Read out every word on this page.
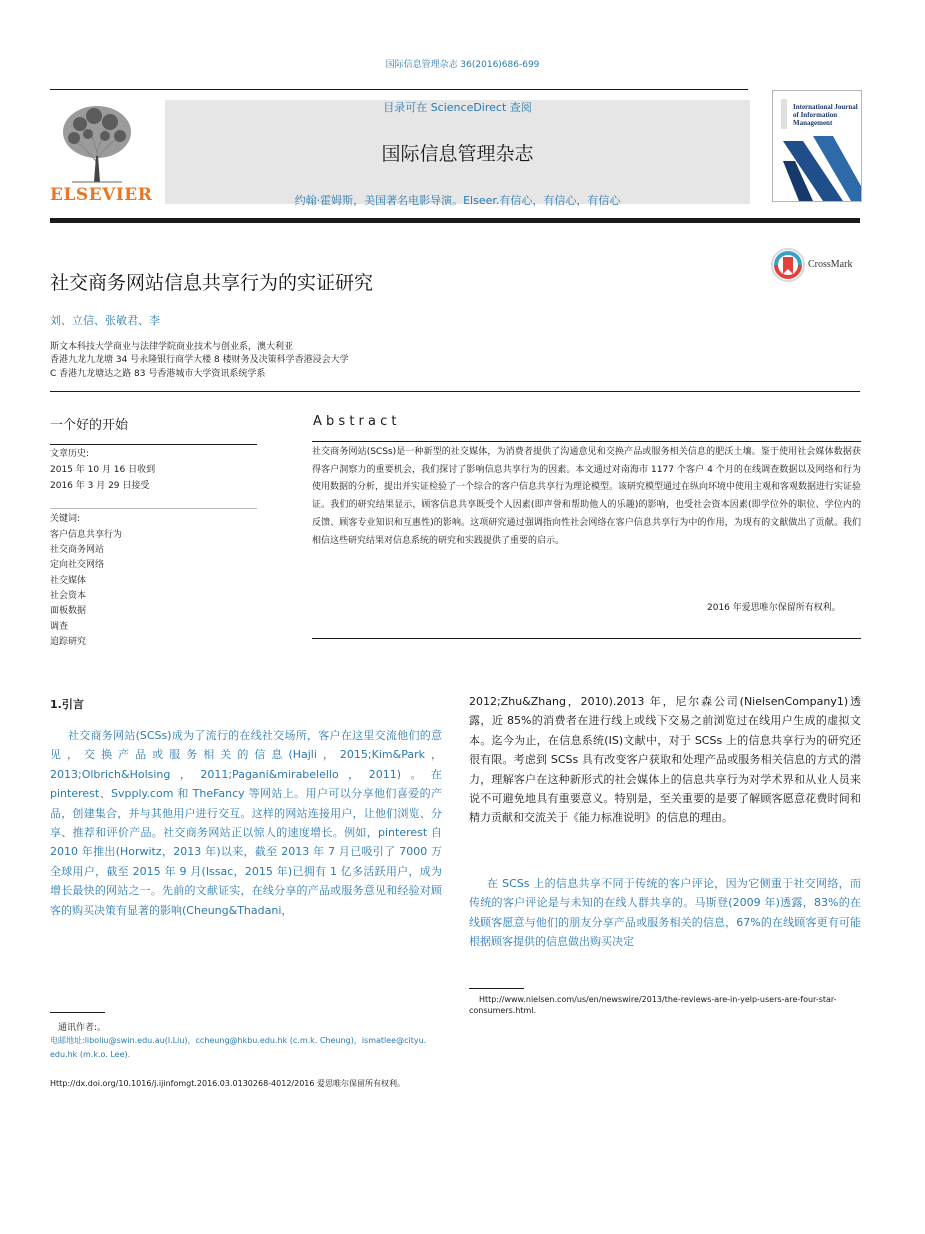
国际信息管理杂志 36(2016)686-699
目录可在 ScienceDirect 查阅
国际信息管理杂志
约翰·霍姆斯，美国著名电影导演。Elseer.有信心，有信心，有信心
ELSEVIER
International Journal of Information Management
CrossMark
社交商务网站信息共享行为的实证研究
刘、立信、张敏君、李
斯文本科技大学商业与法律学院商业技术与创业系，澳大利亚
香港九龙九龙塘 34 号永隆银行商学大楼 8 楼财务及决策科学香港浸会大学
C 香港九龙塘达之路 83 号香港城市大学资讯系统学系
一个好的开始
文章历史:
2015 年 10 月 16 日收到
2016 年 3 月 29 日接受
关键词:
客户信息共享行为
社交商务网站
定向社交网络
社交媒体
社会资本
面板数据
调查
追踪研究
A b s t r a c t
社交商务网站(SCSs)是一种新型的社交媒体，为消费者提供了沟通意见和交换产品或服务相关信息的肥沃土壤。鉴于使用社会媒体数据获得客户洞察力的重要机会，我们探讨了影响信息共享行为的因素。本文通过对南海市 1177 个客户 4 个月的在线调查数据以及网络和行为使用数据的分析，提出并实证检验了一个综合的客户信息共享行为理论模型。该研究模型通过在纵向环境中使用主观和客观数据进行实证验证。我们的研究结果显示，顾客信息共享既受个人因素(即声誉和帮助他人的乐趣)的影响，也受社会资本因素(即学位外的职位、学位内的反馈、顾客专业知识和互惠性)的影响。这项研究通过强调指向性社会网络在客户信息共享行为中的作用，为现有的文献做出了贡献。我们相信这些研究结果对信息系统的研究和实践提供了重要的启示。
2016 年爱思唯尔保留所有权利。
1.引言
社交商务网站(SCSs)成为了流行的在线社交场所，客户在这里交流他们的意见，交换产品或服务相关的信息(Hajli，2015;Kim&Park，2013;Olbrich&Holsing，2011;Pagani&mirabelello，2011)。在 pinterest、Svpply.com 和 TheFancy 等网站上。用户可以分享他们喜爱的产品，创建集合，并与其他用户进行交互。这样的网站连接用户，让他们浏览、分享、推荐和评价产品。社交商务网站正以惊人的速度增长。例如，pinterest 自 2010 年推出(Horwitz，2013 年)以来，截至 2013 年 7 月已吸引了 7000 万全球用户，截至 2015 年 9 月(Issac，2015 年)已拥有 1 亿多活跃用户，成为增长最快的网站之一。先前的文献证实，在线分享的产品或服务意见和经验对顾客的购买决策有显著的影响(Cheung&Thadani，
2012;Zhu&Zhang，2010).2013 年，尼尔森公司(NielsenCompany1)透露，近 85%的消费者在进行线上或线下交易之前浏览过在线用户生成的虚拟文本。迄今为止，在信息系统(IS)文献中，对于 SCSs 上的信息共享行为的研究还很有限。考虑到 SCSs 具有改变客户获取和处理产品或服务相关信息的方式的潜力，理解客户在这种新形式的社会媒体上的信息共享行为对学术界和从业人员来说不可避免地具有重要意义。特别是，至关重要的是要了解顾客愿意花费时间和精力贡献和交流关于《能力标准说明》的信息的理由。
在 SCSs 上的信息共享不同于传统的客户评论，因为它侧重于社交网络，而传统的客户评论是与未知的在线人群共享的。马斯登(2009 年)透露，83%的在线顾客愿意与他们的朋友分享产品或服务相关的信息，67%的在线顾客更有可能根据顾客提供的信息做出购买决定
Http://www.nielsen.com/us/en/newswire/2013/the-reviews-are-in-yelp-users-are-four-star-consumers.html.
通讯作者:。
电邮地址:liboliu@swin.edu.au(l.Liu)，ccheung@hkbu.edu.hk (c.m.k. Cheung)，ismatlee@cityu. edu.hk (m.k.o. Lee).
Http://dx.doi.org/10.1016/j.ijinfomgt.2016.03.0130268-4012/2016 爱思唯尔保留所有权利。
